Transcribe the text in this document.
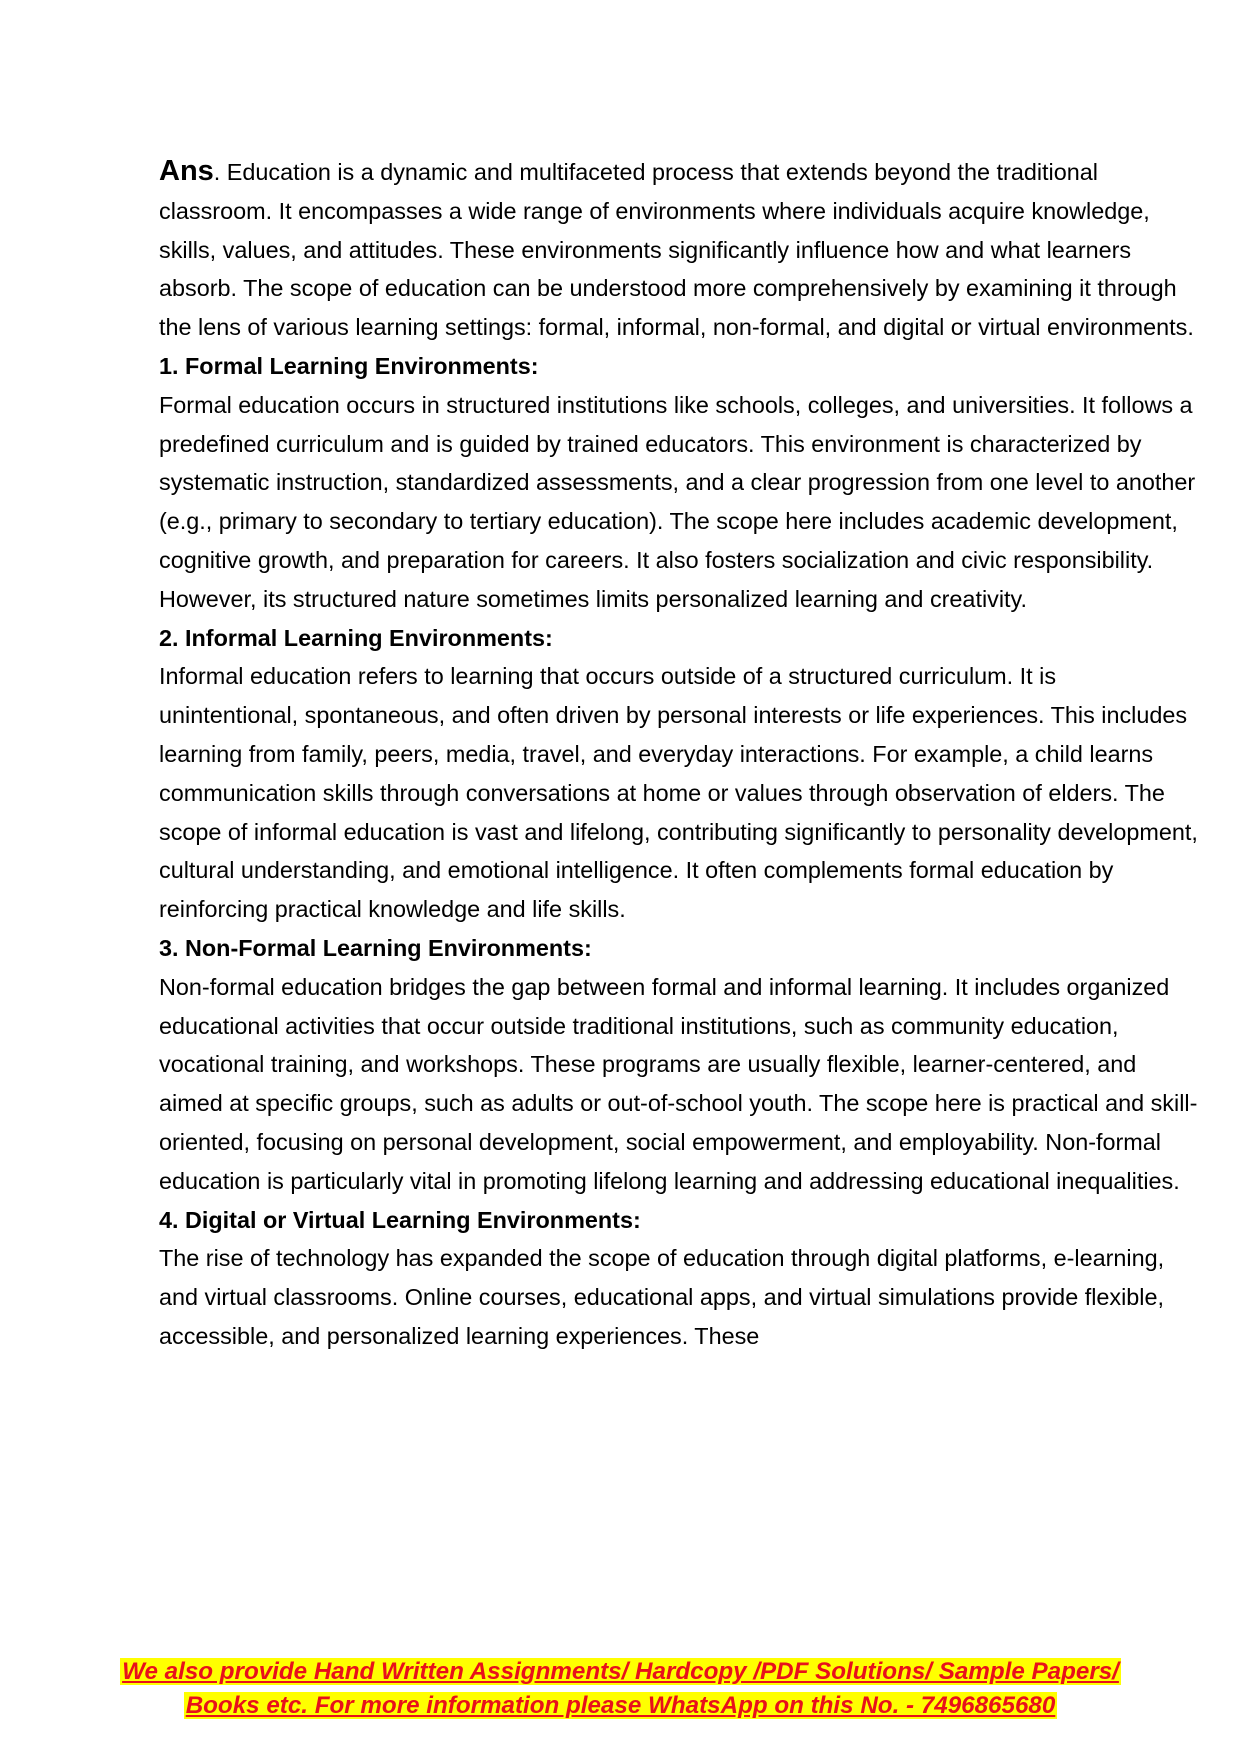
Ans. Education is a dynamic and multifaceted process that extends beyond the traditional classroom. It encompasses a wide range of environments where individuals acquire knowledge, skills, values, and attitudes. These environments significantly influence how and what learners absorb. The scope of education can be understood more comprehensively by examining it through the lens of various learning settings: formal, informal, non-formal, and digital or virtual environments.

1. Formal Learning Environments:

Formal education occurs in structured institutions like schools, colleges, and universities. It follows a predefined curriculum and is guided by trained educators. This environment is characterized by systematic instruction, standardized assessments, and a clear progression from one level to another (e.g., primary to secondary to tertiary education). The scope here includes academic development, cognitive growth, and preparation for careers. It also fosters socialization and civic responsibility. However, its structured nature sometimes limits personalized learning and creativity.

2. Informal Learning Environments:

Informal education refers to learning that occurs outside of a structured curriculum. It is unintentional, spontaneous, and often driven by personal interests or life experiences. This includes learning from family, peers, media, travel, and everyday interactions. For example, a child learns communication skills through conversations at home or values through observation of elders. The scope of informal education is vast and lifelong, contributing significantly to personality development, cultural understanding, and emotional intelligence. It often complements formal education by reinforcing practical knowledge and life skills.

3. Non-Formal Learning Environments:

Non-formal education bridges the gap between formal and informal learning. It includes organized educational activities that occur outside traditional institutions, such as community education, vocational training, and workshops. These programs are usually flexible, learner-centered, and aimed at specific groups, such as adults or out-of-school youth. The scope here is practical and skill-oriented, focusing on personal development, social empowerment, and employability. Non-formal education is particularly vital in promoting lifelong learning and addressing educational inequalities.

4. Digital or Virtual Learning Environments:

The rise of technology has expanded the scope of education through digital platforms, e-learning, and virtual classrooms. Online courses, educational apps, and virtual simulations provide flexible, accessible, and personalized learning experiences. These

We also provide Hand Written Assignments/ Hardcopy /PDF Solutions/ Sample Papers/
Books etc. For more information please WhatsApp on this No. - 7496865680
